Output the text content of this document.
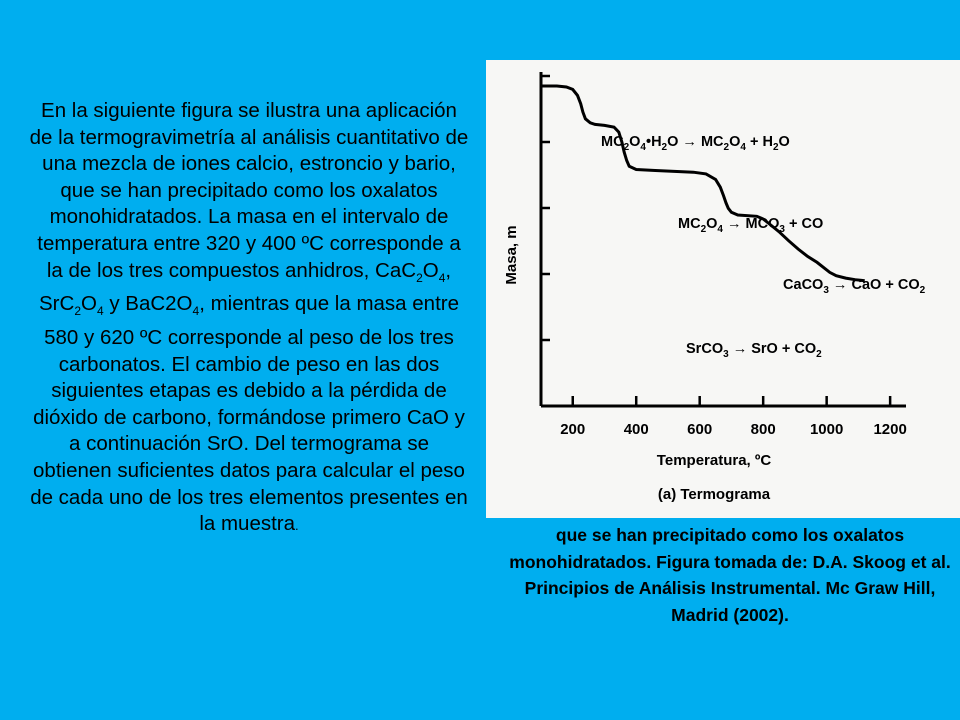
En la siguiente figura se ilustra una aplicación de la termogravimetría al análisis cuantitativo de una mezcla de iones calcio, estroncio y bario, que se han precipitado como los oxalatos monohidratados. La masa en el intervalo de temperatura entre 320 y 400 ºC corresponde a la de los tres compuestos anhidros, $CaC_2O_4$, $SrC_2O_4$ y $BaC2O_4$, mientras que la masa entre 580 y 620 ºC corresponde al peso de los tres carbonatos. El cambio de peso en las dos siguientes etapas es debido a la pérdida de dióxido de carbono, formándose primero CaO y a continuación SrO. Del termograma se obtienen suficientes datos para calcular el peso de cada uno de los tres elementos presentes en la muestra.

200	400	600	800 1000 1200
Masa, m
Temperatura, ºC
(a) Termograma
$MC_2O_4•H_2O \to MC_2O_4 + H_2O$
$MC_2O_4 \to MCO_3$ + CO
CaCO$_3$ → CaO + $CO_2$
SrCO$_3$ → SrO + $CO_2$
que se han precipitado como los oxalatos monohidratados. Figura tomada de: D.A. Skoog et al. Principios de Análisis Instrumental. Mc Graw Hill, Madrid (2002).
